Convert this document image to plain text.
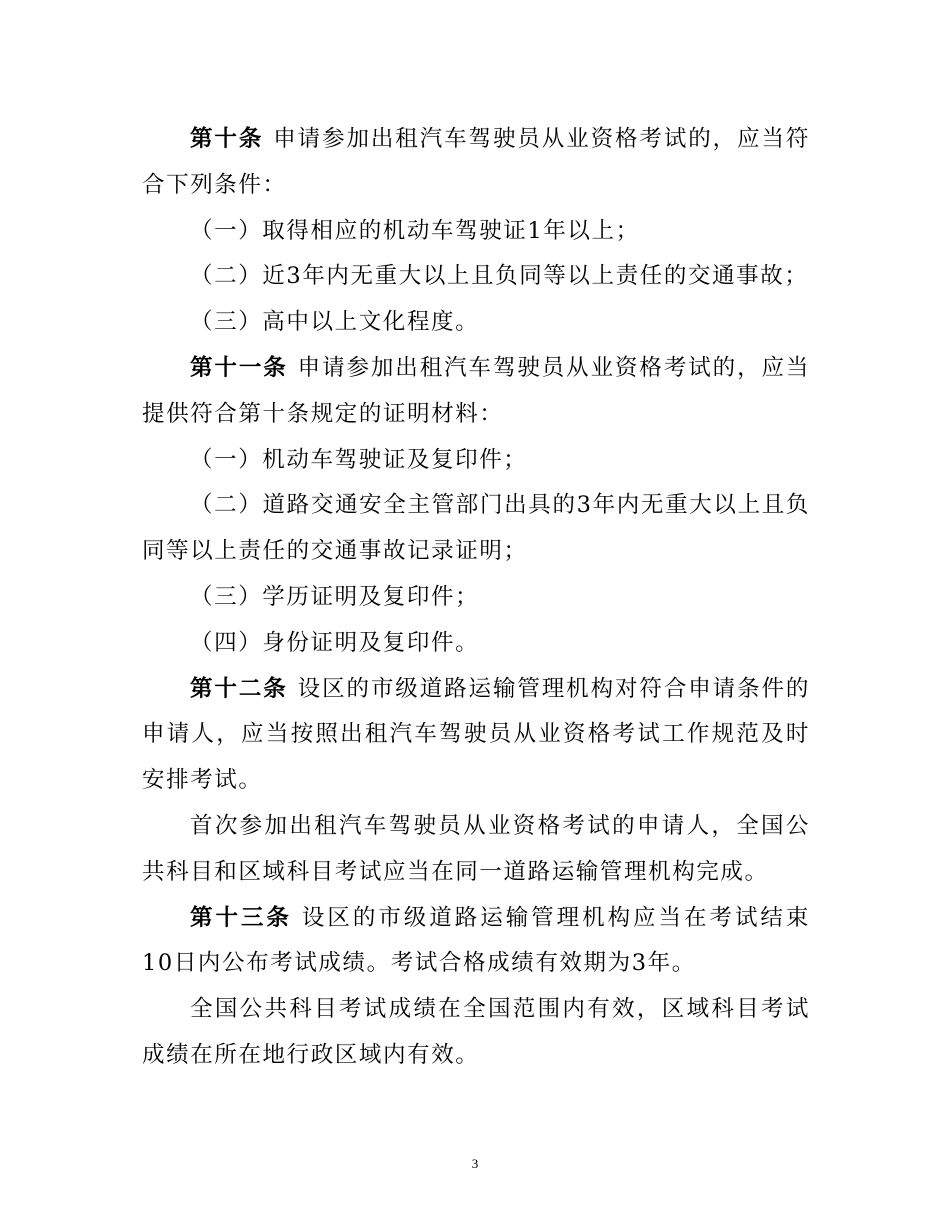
第十条 申请参加出租汽车驾驶员从业资格考试的，应当符合下列条件：

（一）取得相应的机动车驾驶证1年以上；

（二）近3年内无重大以上且负同等以上责任的交通事故；

（三）高中以上文化程度。

第十一条 申请参加出租汽车驾驶员从业资格考试的，应当提供符合第十条规定的证明材料：

（一）机动车驾驶证及复印件；

（二）道路交通安全主管部门出具的3年内无重大以上且负同等以上责任的交通事故记录证明；

（三）学历证明及复印件；

（四）身份证明及复印件。

第十二条 设区的市级道路运输管理机构对符合申请条件的申请人，应当按照出租汽车驾驶员从业资格考试工作规范及时安排考试。

首次参加出租汽车驾驶员从业资格考试的申请人，全国公共科目和区域科目考试应当在同一道路运输管理机构完成。

第十三条 设区的市级道路运输管理机构应当在考试结束10日内公布考试成绩。考试合格成绩有效期为3年。

全国公共科目考试成绩在全国范围内有效，区域科目考试成绩在所在地行政区域内有效。

3
